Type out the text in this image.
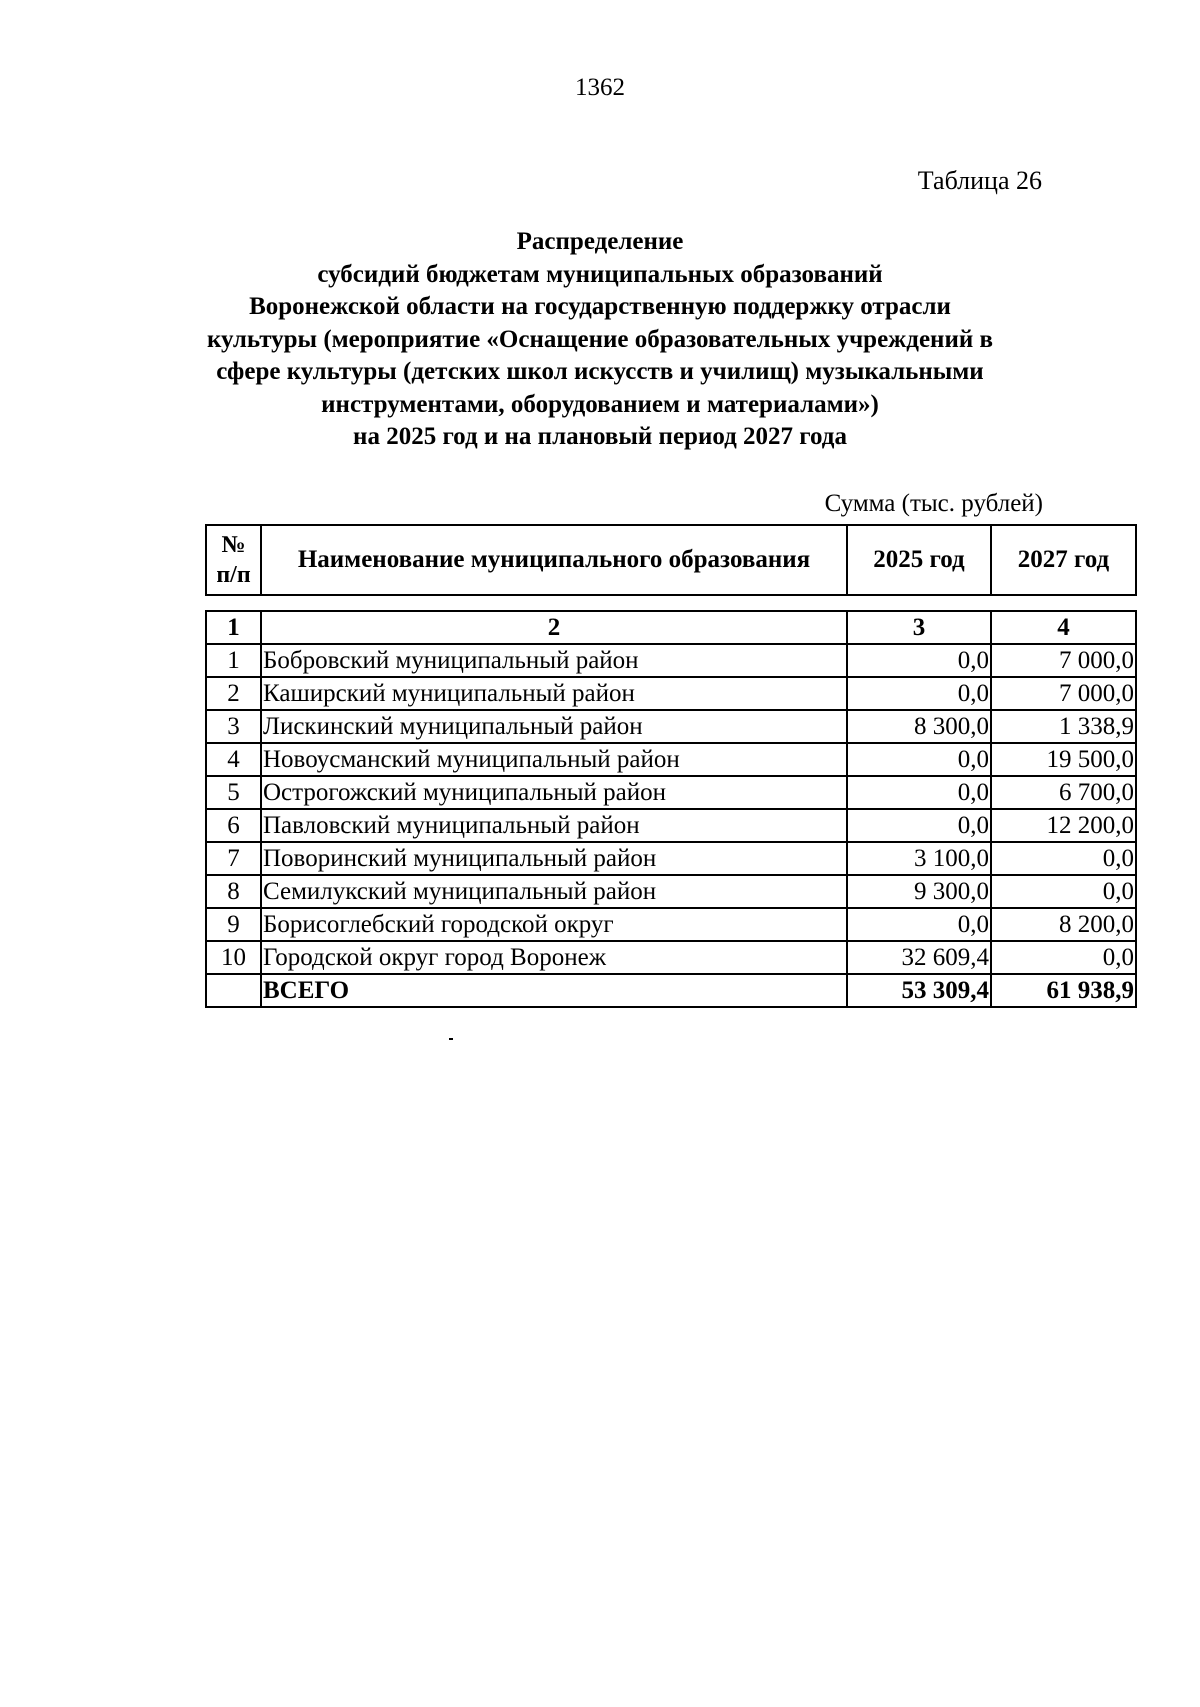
1362
Таблица 26
Распределение
субсидий бюджетам муниципальных образований
Воронежской области на государственную поддержку отрасли
культуры (мероприятие «Оснащение образовательных учреждений в
сфере культуры (детских школ искусств и училищ) музыкальными
инструментами, оборудованием и материалами»)
на 2025 год и на плановый период 2027 года
Сумма (тыс. рублей)
№
п/п	Наименование муниципального образования	2025 год	2027 год
1	2	3	4
1	Бобровский муниципальный район	0,0	7 000,0
2	Каширский муниципальный район	0,0	7 000,0
3	Лискинский муниципальный район	8 300,0	1 338,9
4	Новоусманский муниципальный район	0,0	19 500,0
5	Острогожский муниципальный район	0,0	6 700,0
6	Павловский муниципальный район	0,0	12 200,0
7	Поворинский муниципальный район	3 100,0	0,0
8	Семилукский муниципальный район	9 300,0	0,0
9	Борисоглебский городской округ	0,0	8 200,0
10	Городской округ город Воронеж	32 609,4	0,0
	ВСЕГО	53 309,4	61 938,9
